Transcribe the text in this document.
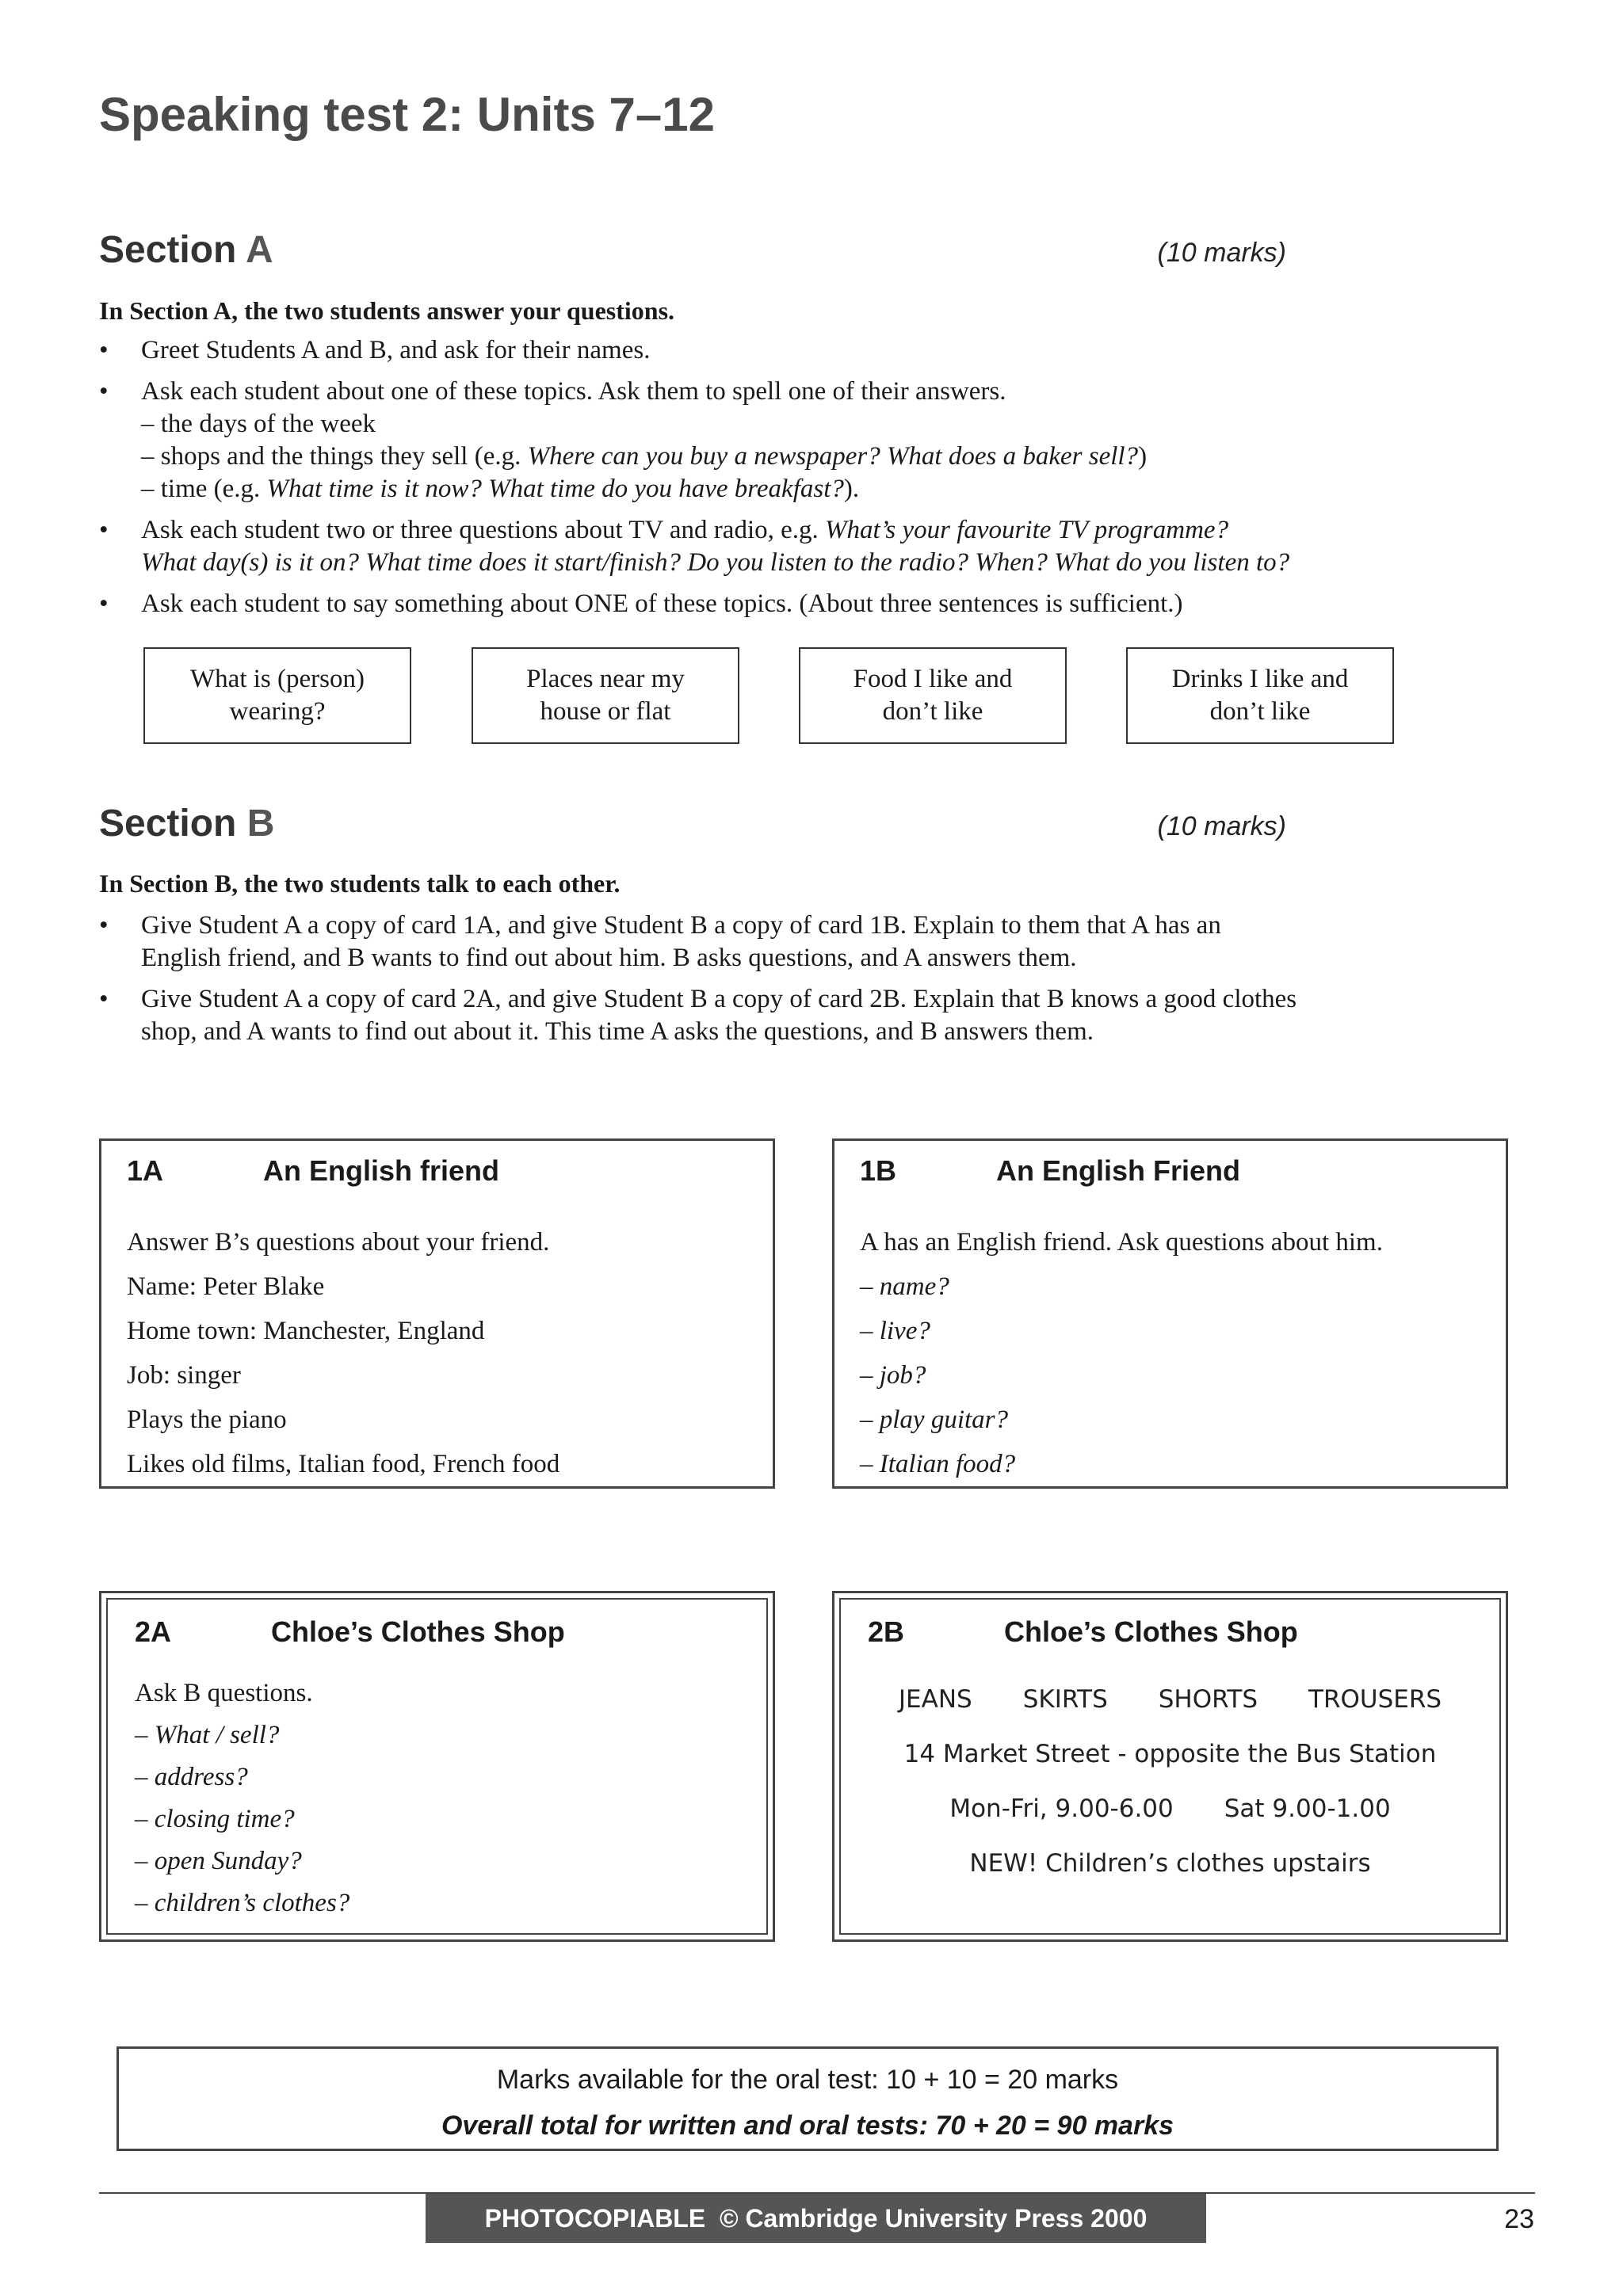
Speaking test 2: Units 7–12
Section A	(10 marks)
In Section A, the two students answer your questions.
• Greet Students A and B, and ask for their names.
• Ask each student about one of these topics. Ask them to spell one of their answers.
– the days of the week
– shops and the things they sell (e.g. Where can you buy a newspaper? What does a baker sell?)
– time (e.g. What time is it now? What time do you have breakfast?).
• Ask each student two or three questions about TV and radio, e.g. What’s your favourite TV programme?
What day(s) is it on? What time does it start/finish? Do you listen to the radio? When? What do you listen to?
• Ask each student to say something about ONE of these topics. (About three sentences is sufficient.)
What is (person)
wearing?
Places near my
house or flat
Food I like and
don’t like
Drinks I like and
don’t like
Section B	(10 marks)
In Section B, the two students talk to each other.
• Give Student A a copy of card 1A, and give Student B a copy of card 1B. Explain to them that A has an
English friend, and B wants to find out about him. B asks questions, and A answers them.
• Give Student A a copy of card 2A, and give Student B a copy of card 2B. Explain that B knows a good clothes
shop, and A wants to find out about it. This time A asks the questions, and B answers them.
1A	An English friend
Answer B’s questions about your friend.
Name: Peter Blake
Home town: Manchester, England
Job: singer
Plays the piano
Likes old films, Italian food, French food
1B	An English Friend
A has an English friend. Ask questions about him.
– name?
– live?
– job?
– play guitar?
– Italian food?
2A	Chloe’s Clothes Shop
Ask B questions.
– What / sell?
– address?
– closing time?
– open Sunday?
– children’s clothes?
2B	Chloe’s Clothes Shop
JEANS SKIRTS SHORTS TROUSERS
14 Market Street - opposite the Bus Station
Mon-Fri, 9.00-6.00 Sat 9.00-1.00
NEW! Children’s clothes upstairs
Marks available for the oral test: 10 + 10 = 20 marks
Overall total for written and oral tests: 70 + 20 = 90 marks
PHOTOCOPIABLE  © Cambridge University Press 2000	23
